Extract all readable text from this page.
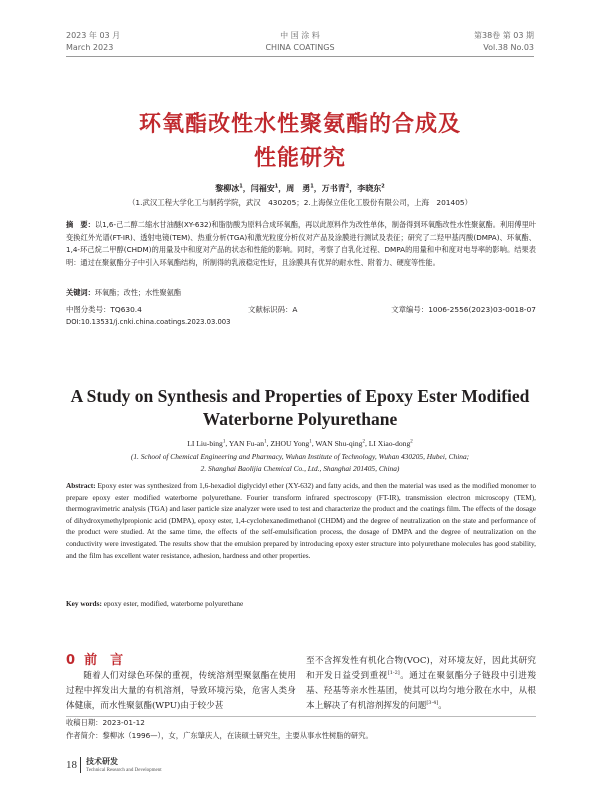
2023 年 03 月
March 2023
中 国 涂 料
CHINA COATINGS
第38卷 第 03 期
Vol.38 No.03
环氧酯改性水性聚氨酯的合成及
性能研究
黎柳冰$^1$，闫福安$^1$，周　勇$^1$，万书青$^2$，李晓东$^2$
（1.武汉工程大学化工与制药学院，武汉　430205；2.上海保立佳化工股份有限公司，上海　201405）
摘　要：以1,6-己二醇二缩水甘油醚(XY-632)和脂肪酸为原料合成环氧酯，再以此原料作为改性单体，制备得到环氧酯改性水性聚氨酯。利用傅里叶变换红外光谱(FT-IR)、透射电镜(TEM)、热重分析(TGA)和激光粒度分析仪对产品及涂膜进行测试及表征；研究了二羟甲基丙酸(DMPA)、环氧酯、1,4-环己烷二甲醇(CHDM)的用量及中和度对产品的状态和性能的影响。同时，考察了自乳化过程、DMPA的用量和中和度对电导率的影响。结果表明：通过在聚氨酯分子中引入环氧酯结构，所制得的乳液稳定性好，且涂膜具有优异的耐水性、附着力、硬度等性能。
关键词：环氧酯；改性；水性聚氨酯
中图分类号：TQ630.4	文献标识码：A	文章编号：1006-2556(2023)03-0018-07
DOI:10.13531/j.cnki.china.coatings.2023.03.003
A Study on Synthesis and Properties of Epoxy Ester Modified
Waterborne Polyurethane
LI Liu-bing$^1$, YAN $Fu-an^1$, ZHOU Yong$^1$, WAN Shu-qing$^2$, LI Xiao-dong$^2$
(1. School of Chemical Engineering and Pharmacy, Wuhan Institute of Technology, Wuhan 430205, Hubei, China;
2. Shanghai Baolijia Chemical Co., Ltd., Shanghai 201405, China)
Abstract: Epoxy ester was synthesized from 1,6-hexadiol diglycidyl ether (XY-632) and fatty acids, and then the material was used as the modified monomer to prepare epoxy ester modified waterborne polyurethane. Fourier transform infrared spectroscopy (FT-IR), transmission electron microscopy (TEM), thermogravimetric analysis (TGA) and laser particle size analyzer were used to test and characterize the product and the coatings film. The effects of the dosage of dihydroxymethylpropionic acid (DMPA), epoxy ester, 1,4-cyclohexanedimethanol (CHDM) and the degree of neutralization on the state and performance of the product were studied. At the same time, the effects of the self-emulsification process, the dosage of DMPA and the degree of neutralization on the conductivity were investigated. The results show that the emulsion prepared by introducing epoxy ester structure into polyurethane molecules has good stability, and the film has excellent water resistance, adhesion, hardness and other properties.
Key words: epoxy ester, modified, waterborne polyurethane
0 前　言
随着人们对绿色环保的重视，传统溶剂型聚氨酯在使用过程中挥发出大量的有机溶剂，导致环境污染，危害人类身体健康，而水性聚氨酯(WPU)由于较少甚
至不含挥发性有机化合物(VOC)，对环境友好，因此其研究和开发日益受到重视[1-2]。通过在聚氨酯分子链段中引进羧基、羟基等亲水性基团，使其可以均匀地分散在水中，从根本上解决了有机溶剂挥发的问题[3-4]。
收稿日期：2023-01-12
作者简介：黎柳冰（1996—），女，广东肇庆人，在读硕士研究生，主要从事水性树脂的研究。
18 技术研发
Technical Research and Development
